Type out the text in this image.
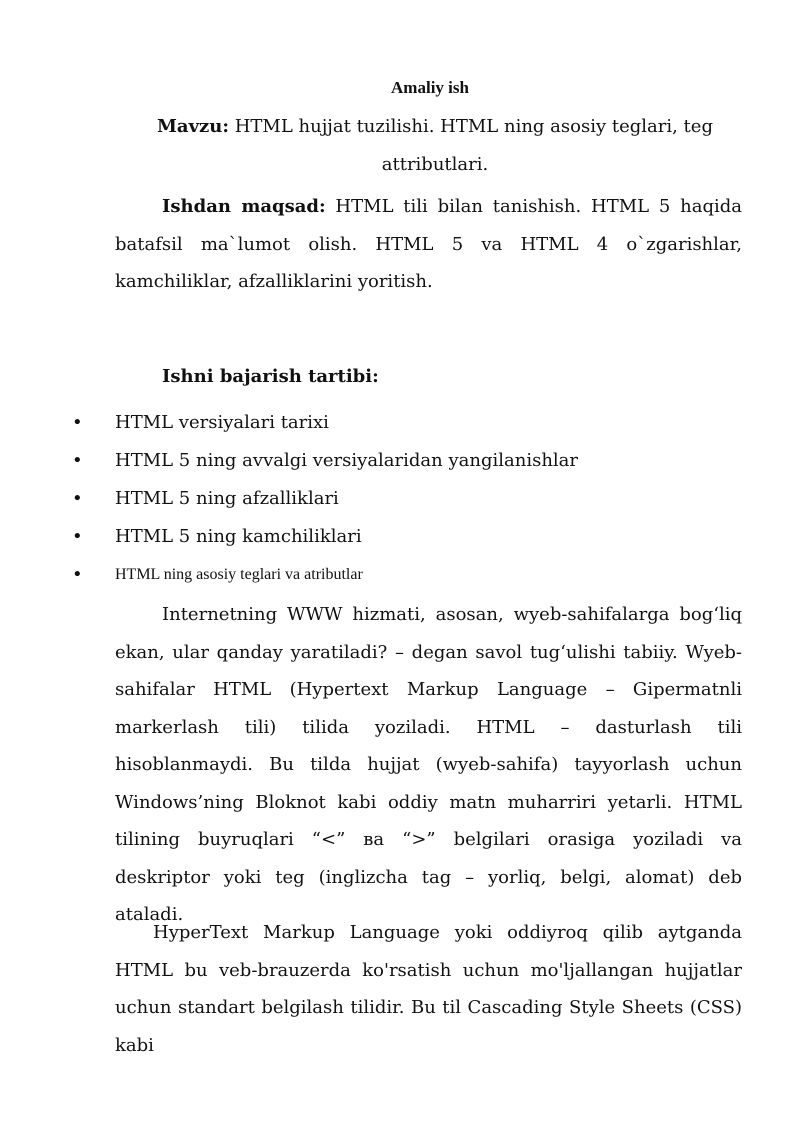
Amaliy ish
Mavzu: HTML hujjat tuzilishi. HTML ning asosiy teglari, teg attributlari.

Ishdan maqsad: HTML tili bilan tanishish. HTML 5 haqida batafsil ma`lumot olish. HTML 5 va HTML 4 o`zgarishlar, kamchiliklar, afzalliklarini yoritish.

Ishni bajarish tartibi:
• HTML versiyalari tarixi
• HTML 5 ning avvalgi versiyalaridan yangilanishlar
• HTML 5 ning afzalliklari
• HTML 5 ning kamchiliklari
• HTML ning asosiy teglari va atributlar

Internetning WWW hizmati, asosan, wyeb-sahifalarga bog‘liq ekan, ular qanday yaratiladi? – degan savol tug‘ulishi tabiiy. Wyeb-sahifalar HTML (Hypertext Markup Language – Gipermatnli markerlash tili) tilida yoziladi. HTML – dasturlash tili hisoblanmaydi. Bu tilda hujjat (wyeb-sahifa) tayyorlash uchun Windows’ning Bloknot kabi oddiy matn muharriri yetarli. HTML tilining buyruqlari “<” ва “>” belgilari orasiga yoziladi va deskriptor yoki teg (inglizcha tag – yorliq, belgi, alomat) deb ataladi.

HyperText Markup Language yoki oddiyroq qilib aytganda HTML bu veb-brauzerda ko'rsatish uchun mo'ljallangan hujjatlar uchun standart belgilash tilidir. Bu til Cascading Style Sheets (CSS) kabi
